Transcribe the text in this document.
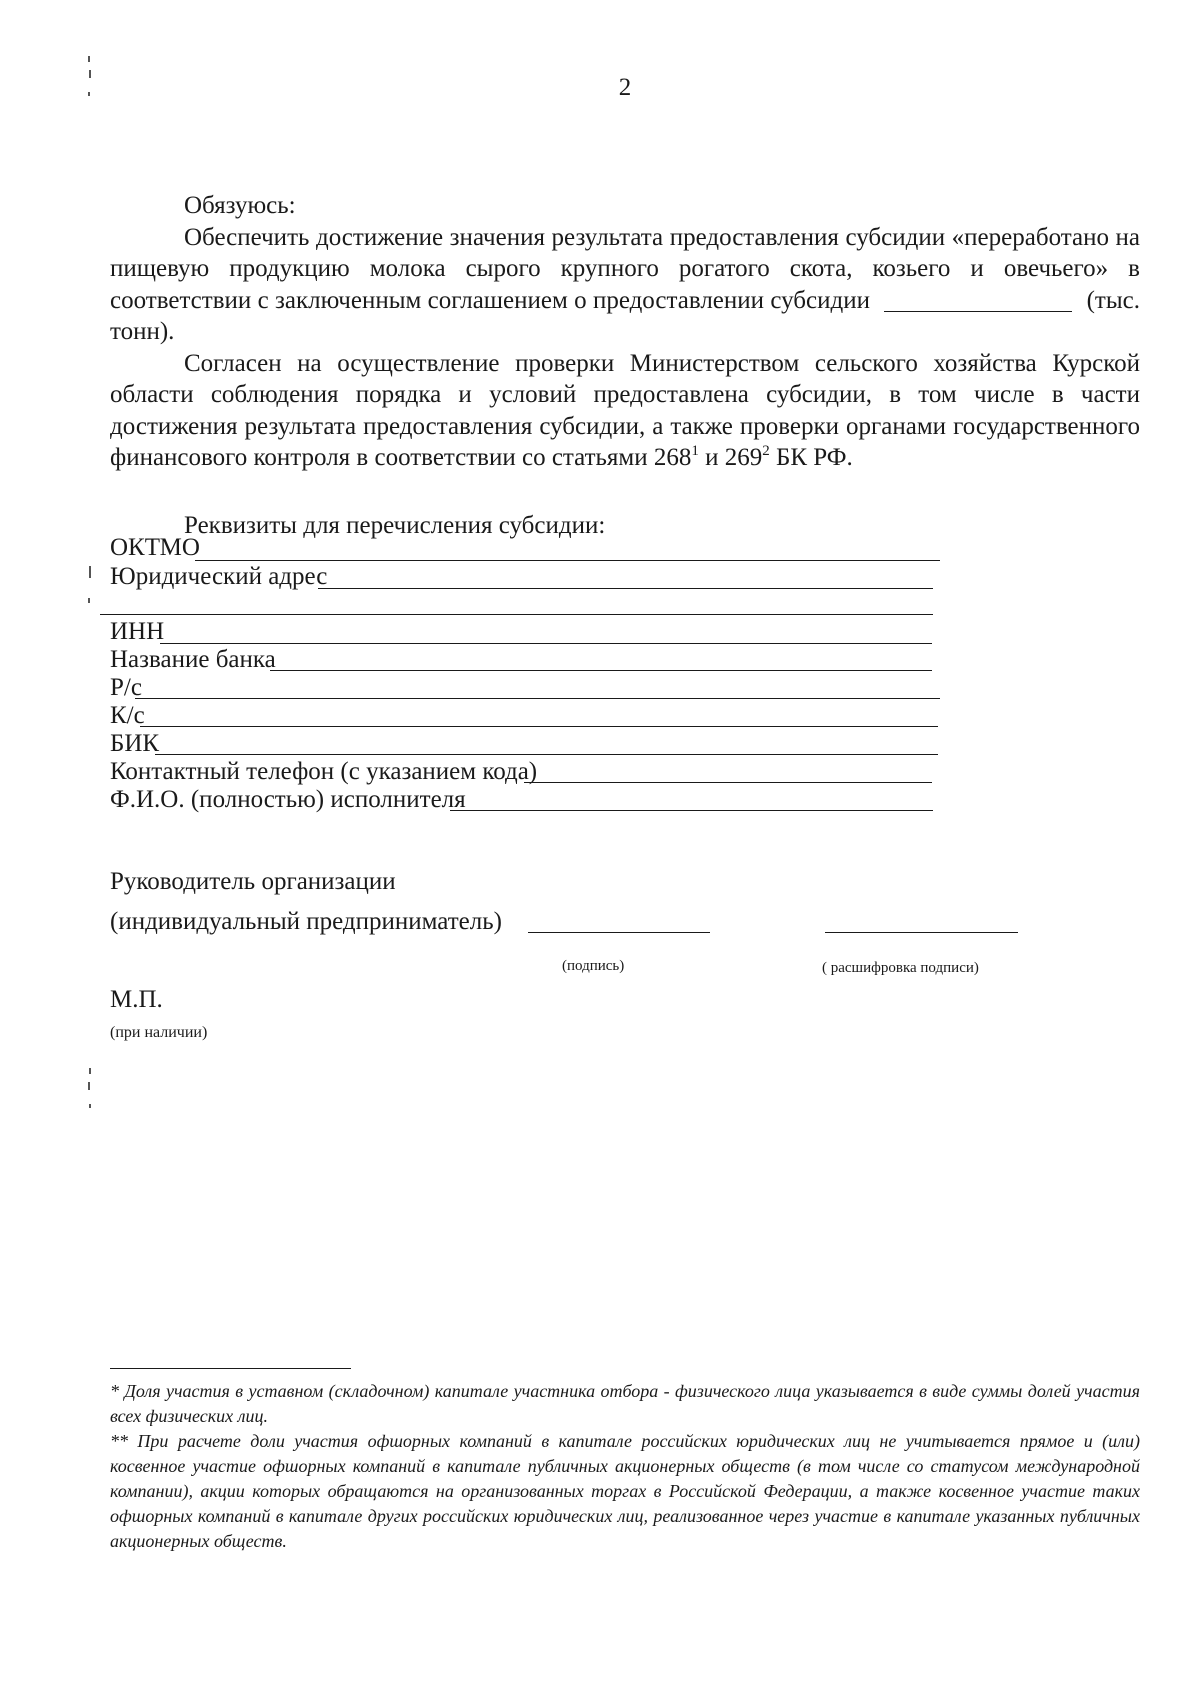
2
Обязуюсь:
Обеспечить достижение значения результата предоставления субсидии «переработано на пищевую продукцию молока сырого крупного рогатого скота, козьего и овечьего» в соответствии с заключенным соглашением о предоставлении субсидии	(тыс. тонн).
Согласен на осуществление проверки Министерством сельского хозяйства Курской области соблюдения порядка и условий предоставлена субсидии, в том числе в части достижения результата предоставления субсидии, а также проверки органами государственного финансового контроля в соответствии со статьями $268^1$ и $269^2$ БК РФ.
Реквизиты для перечисления субсидии:
ОКТМО
Юридический адрес
ИНН
Название банка
Р/с
К/с
БИК
Контактный телефон (с указанием кода)
Ф.И.О. (полностью) исполнителя
Руководитель организации
(индивидуальный предприниматель)
(подпись)	( расшифровка подписи)
М.П.
(при наличии)
* Доля участия в уставном (складочном) капитале участника отбора - физического лица указывается в виде суммы долей участия всех физических лиц.
** При расчете доли участия офшорных компаний в капитале российских юридических лиц не учитывается прямое и (или) косвенное участие офшорных компаний в капитале публичных акционерных обществ (в том числе со статусом международной компании), акции которых обращаются на организованных торгах в Российской Федерации, а также косвенное участие таких офшорных компаний в капитале других российских юридических лиц, реализованное через участие в капитале указанных публичных акционерных обществ.
